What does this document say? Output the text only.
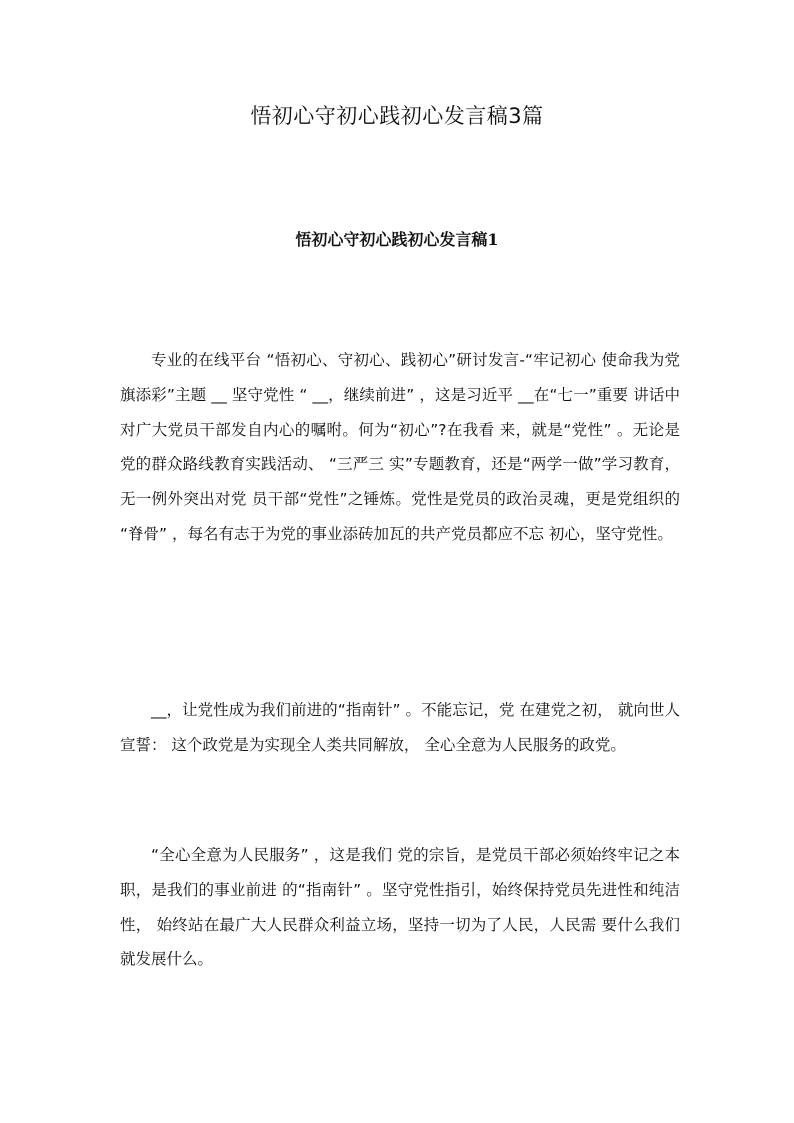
悟初心守初心践初心发言稿3篇
悟初心守初心践初心发言稿1

专业的在线平台 “悟初心、守初心、践初心”研讨发言-“牢记初心 使命我为党旗添彩”主题 __ 坚守党性 “ __，继续前进” ，这是习近平 __在“七一”重要 讲话中对广大党员干部发自内心的嘱咐。何为“初心”?在我看 来，就是“党性” 。无论是党的群众路线教育实践活动、 “三严三 实”专题教育，还是“两学一做”学习教育，无一例外突出对党 员干部“党性”之锤炼。党性是党员的政治灵魂，更是党组织的 “脊骨” ，每名有志于为党的事业添砖加瓦的共产党员都应不忘 初心，坚守党性。

__，让党性成为我们前进的“指南针” 。不能忘记，党 在建党之初， 就向世人宣誓： 这个政党是为实现全人类共同解放， 全心全意为人民服务的政党。

“全心全意为人民服务” ，这是我们 党的宗旨，是党员干部必须始终牢记之本职，是我们的事业前进 的“指南针” 。坚守党性指引，始终保持党员先进性和纯洁性， 始终站在最广大人民群众利益立场，坚持一切为了人民，人民需 要什么我们就发展什么。
